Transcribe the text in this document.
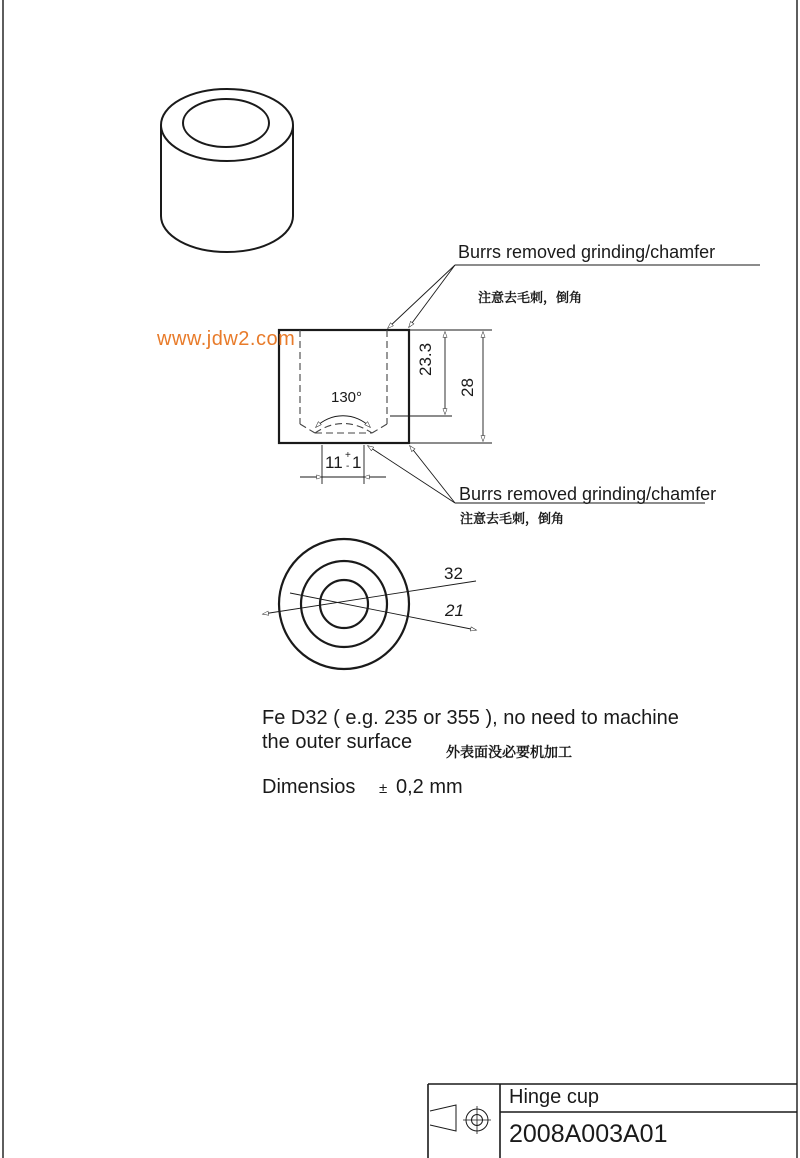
www.jdw2.com
Burrs removed grinding/chamfer
注意去毛刺，倒角
Burrs removed grinding/chamfer
注意去毛刺，倒角
23.3
28
130°
11 +
- 1
32
21
Fe D32 ( e.g. 235 or 355 ), no need to machine
the outer surface 外表面没必要机加工
Dimensios ± 0,2 mm
Hinge cup
2008A003A01
